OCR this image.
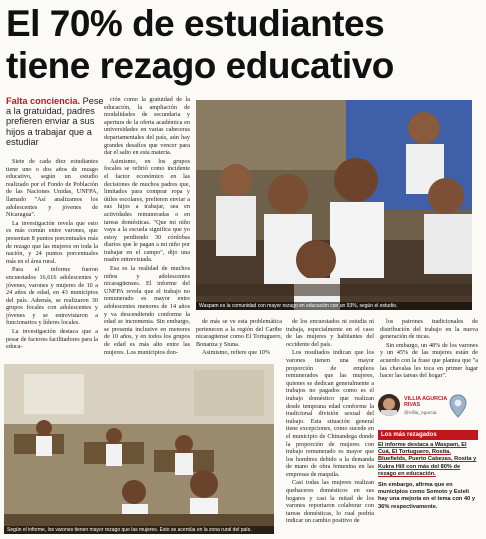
El 70% de estudiantes
tiene rezago educativo
Falta conciencia. Pese a la gratuidad, padres prefieren enviar a sus hijos a trabajar que a estudiar

Siete de cada diez estudiantes tiene uno o dos años de rezago educativo, según un estudio realizado por el Fondo de Población de las Naciones Unidas, UNFPA, llamado "Así analizamos los adolescentes y jóvenes de Nicaragua".

La investigación revela que esto es más común entre varones, que presentan 8 puntos porcentuales más de rezago que las mujeres en toda la nación, y 24 puntos porcentuales más en el área rural.

Para el informe fueron encuestados 16,616 adolescentes y jóvenes, varones y mujeres de 10 a 24 años de edad, en 43 municipios del país. Además, se realizaron 30 grupos focales con adolescentes y jóvenes y se entrevistaron a funcionarios y líderes locales.

La investigación destaca que a pesar de factores facilitadores para la educa-

ción como la gratuidad de la educación, la ampliación de modalidades de secundaria y apertura de la oferta académica en universidades en varias cabeceras departamentales del país, aún hay grandes desafíos que vencer para dar el salto en esta materia.

Asimismo, en los grupos focales se refirió como incidente el factor económico en las decisiones de muchos padres que, limitados para comprar ropa y útiles escolares, prefieren enviar a sus hijos a trabajar, sea en actividades remuneradas o en tareas domésticas. "Que mi niño vaya a la escuela significa que yo estoy perdiendo 30 córdobas diarios que le pagan a mi niño por trabajar en el campo", dijo una madre entrevistada.

Esa es la realidad de muchos niños y adolescentes nicaragüenses. El informe del UNFPA revela que el trabajo no remunerado es mayor entre adolescentes menores de 14 años y va descendiendo conforme la edad se incrementa. Sin embargo, se presenta inclusive en menores de 10 años, y en todos los grupos de edad es más alto entre las mujeres. Los municipios don-

Waspam es la comunidad con mayor rezago en educación con un 93%, según el estudio.

de más se ve esta problemática pertenecen a la región del Caribe nicaragüense como El Tortuguero, Bonanza y Siuna.

Asimismo, refiere que 10%

de los encuestados ni estudia ni trabaja, especialmente en el caso de las mujeres y habitantes del occidente del país.

Los resultados indican que los varones tienen una mayor proporción de empleos remunerados que las mujeres, quienes se dedican generalmente a trabajos no pagados como es el trabajo doméstico que realizan desde temprana edad conforme la tradicional división sexual del trabajo. Esta situación general tiene excepciones, como sucede en el municipio de Chinandega donde la proporción de mujeres con trabajo remunerado es mayor que los hombres debido a la demanda de mano de obra femenina en las empresas de maquila.

Casi todas las mujeres realizan quehaceres domésticos en sus hogares y casi la mitad de los varones reportaron colaborar con tareas domésticas, lo cual podría indicar un cambio positivo de

los patrones tradicionales de distribución del trabajo en la nueva generación de nicas.

Sin embargo, un 48% de los varones y un 45% de las mujeres están de acuerdo con la frase que plantea que "a las chavalas les toca en primer lugar hacer las tareas del hogar".

Según el informe, los varones tienen mayor rezago que las mujeres. Esto se acentúa en la zona rural del país.
VILLIA AGURCIA RIVAS
@Villia_Agurcia
Los más rezagados

El informe destaca a Waspam, El Cuá, El Tortuguero, Rosita, Bluefields, Puerto Cabezas, Rosita y Kukra Hill con más del 80% de rezago en educación.

Sin embargo, afirma que en municipios como Somoto y Estelí hay una mejoría en el tema con 40 y 36% respectivamente.
